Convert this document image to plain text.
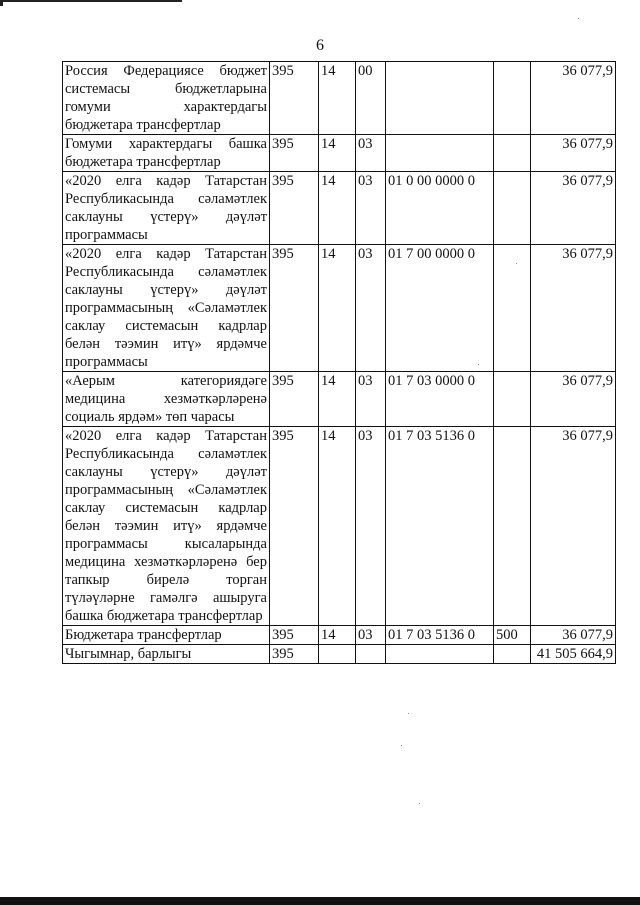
6
Россия Федерациясе бюджет системасы бюджетларына гомуми характердагы бюджетара трансфертлар	395	14	00			36 077,9
Гомуми характердагы башка бюджетара трансфертлар	395	14	03			36 077,9
«2020 елга кадәр Татарстан Республикасында сәламәтлек саклауны үстерү» дәүләт программасы	395	14	03	01 0 00 0000 0		36 077,9
«2020 елга кадәр Татарстан Республикасында сәламәтлек саклауны үстерү» дәүләт программасының «Сәламәтлек саклау системасын кадрлар белән тәэмин итү» ярдәмче программасы	395	14	03	01 7 00 0000 0		36 077,9
«Аерым категориядәге медицина хезмәткәрләренә социаль ярдәм» төп чарасы	395	14	03	01 7 03 0000 0		36 077,9
«2020 елга кадәр Татарстан Республикасында сәламәтлек саклауны үстерү» дәүләт программасының «Сәламәтлек саклау системасын кадрлар белән тәэмин итү» ярдәмче программасы кысаларында медицина хезмәткәрләренә бер тапкыр бирелә торган түләүләрне гамәлгә ашыруга башка бюджетара трансфертлар	395	14	03	01 7 03 5136 0		36 077,9
Бюджетара трансфертлар	395	14	03	01 7 03 5136 0	500	36 077,9
Чыгымнар, барлыгы	395					41 505 664,9
